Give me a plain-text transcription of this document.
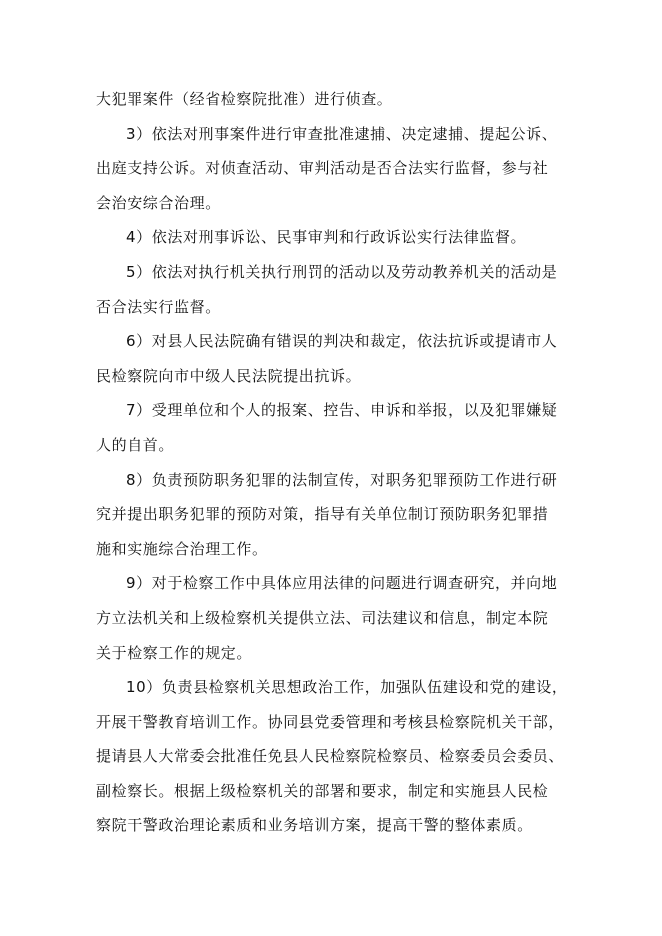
大犯罪案件（经省检察院批准）进行侦查。
3）依法对刑事案件进行审查批准逮捕、决定逮捕、提起公诉、
出庭支持公诉。对侦查活动、审判活动是否合法实行监督，参与社
会治安综合治理。
4）依法对刑事诉讼、民事审判和行政诉讼实行法律监督。
5）依法对执行机关执行刑罚的活动以及劳动教养机关的活动是
否合法实行监督。
6）对县人民法院确有错误的判决和裁定，依法抗诉或提请市人
民检察院向市中级人民法院提出抗诉。
7）受理单位和个人的报案、控告、申诉和举报，以及犯罪嫌疑
人的自首。
8）负责预防职务犯罪的法制宣传，对职务犯罪预防工作进行研
究并提出职务犯罪的预防对策，指导有关单位制订预防职务犯罪措
施和实施综合治理工作。
9）对于检察工作中具体应用法律的问题进行调查研究，并向地
方立法机关和上级检察机关提供立法、司法建议和信息，制定本院
关于检察工作的规定。
10）负责县检察机关思想政治工作，加强队伍建设和党的建设，
开展干警教育培训工作。协同县党委管理和考核县检察院机关干部，
提请县人大常委会批准任免县人民检察院检察员、检察委员会委员、
副检察长。根据上级检察机关的部署和要求，制定和实施县人民检
察院干警政治理论素质和业务培训方案，提高干警的整体素质。
